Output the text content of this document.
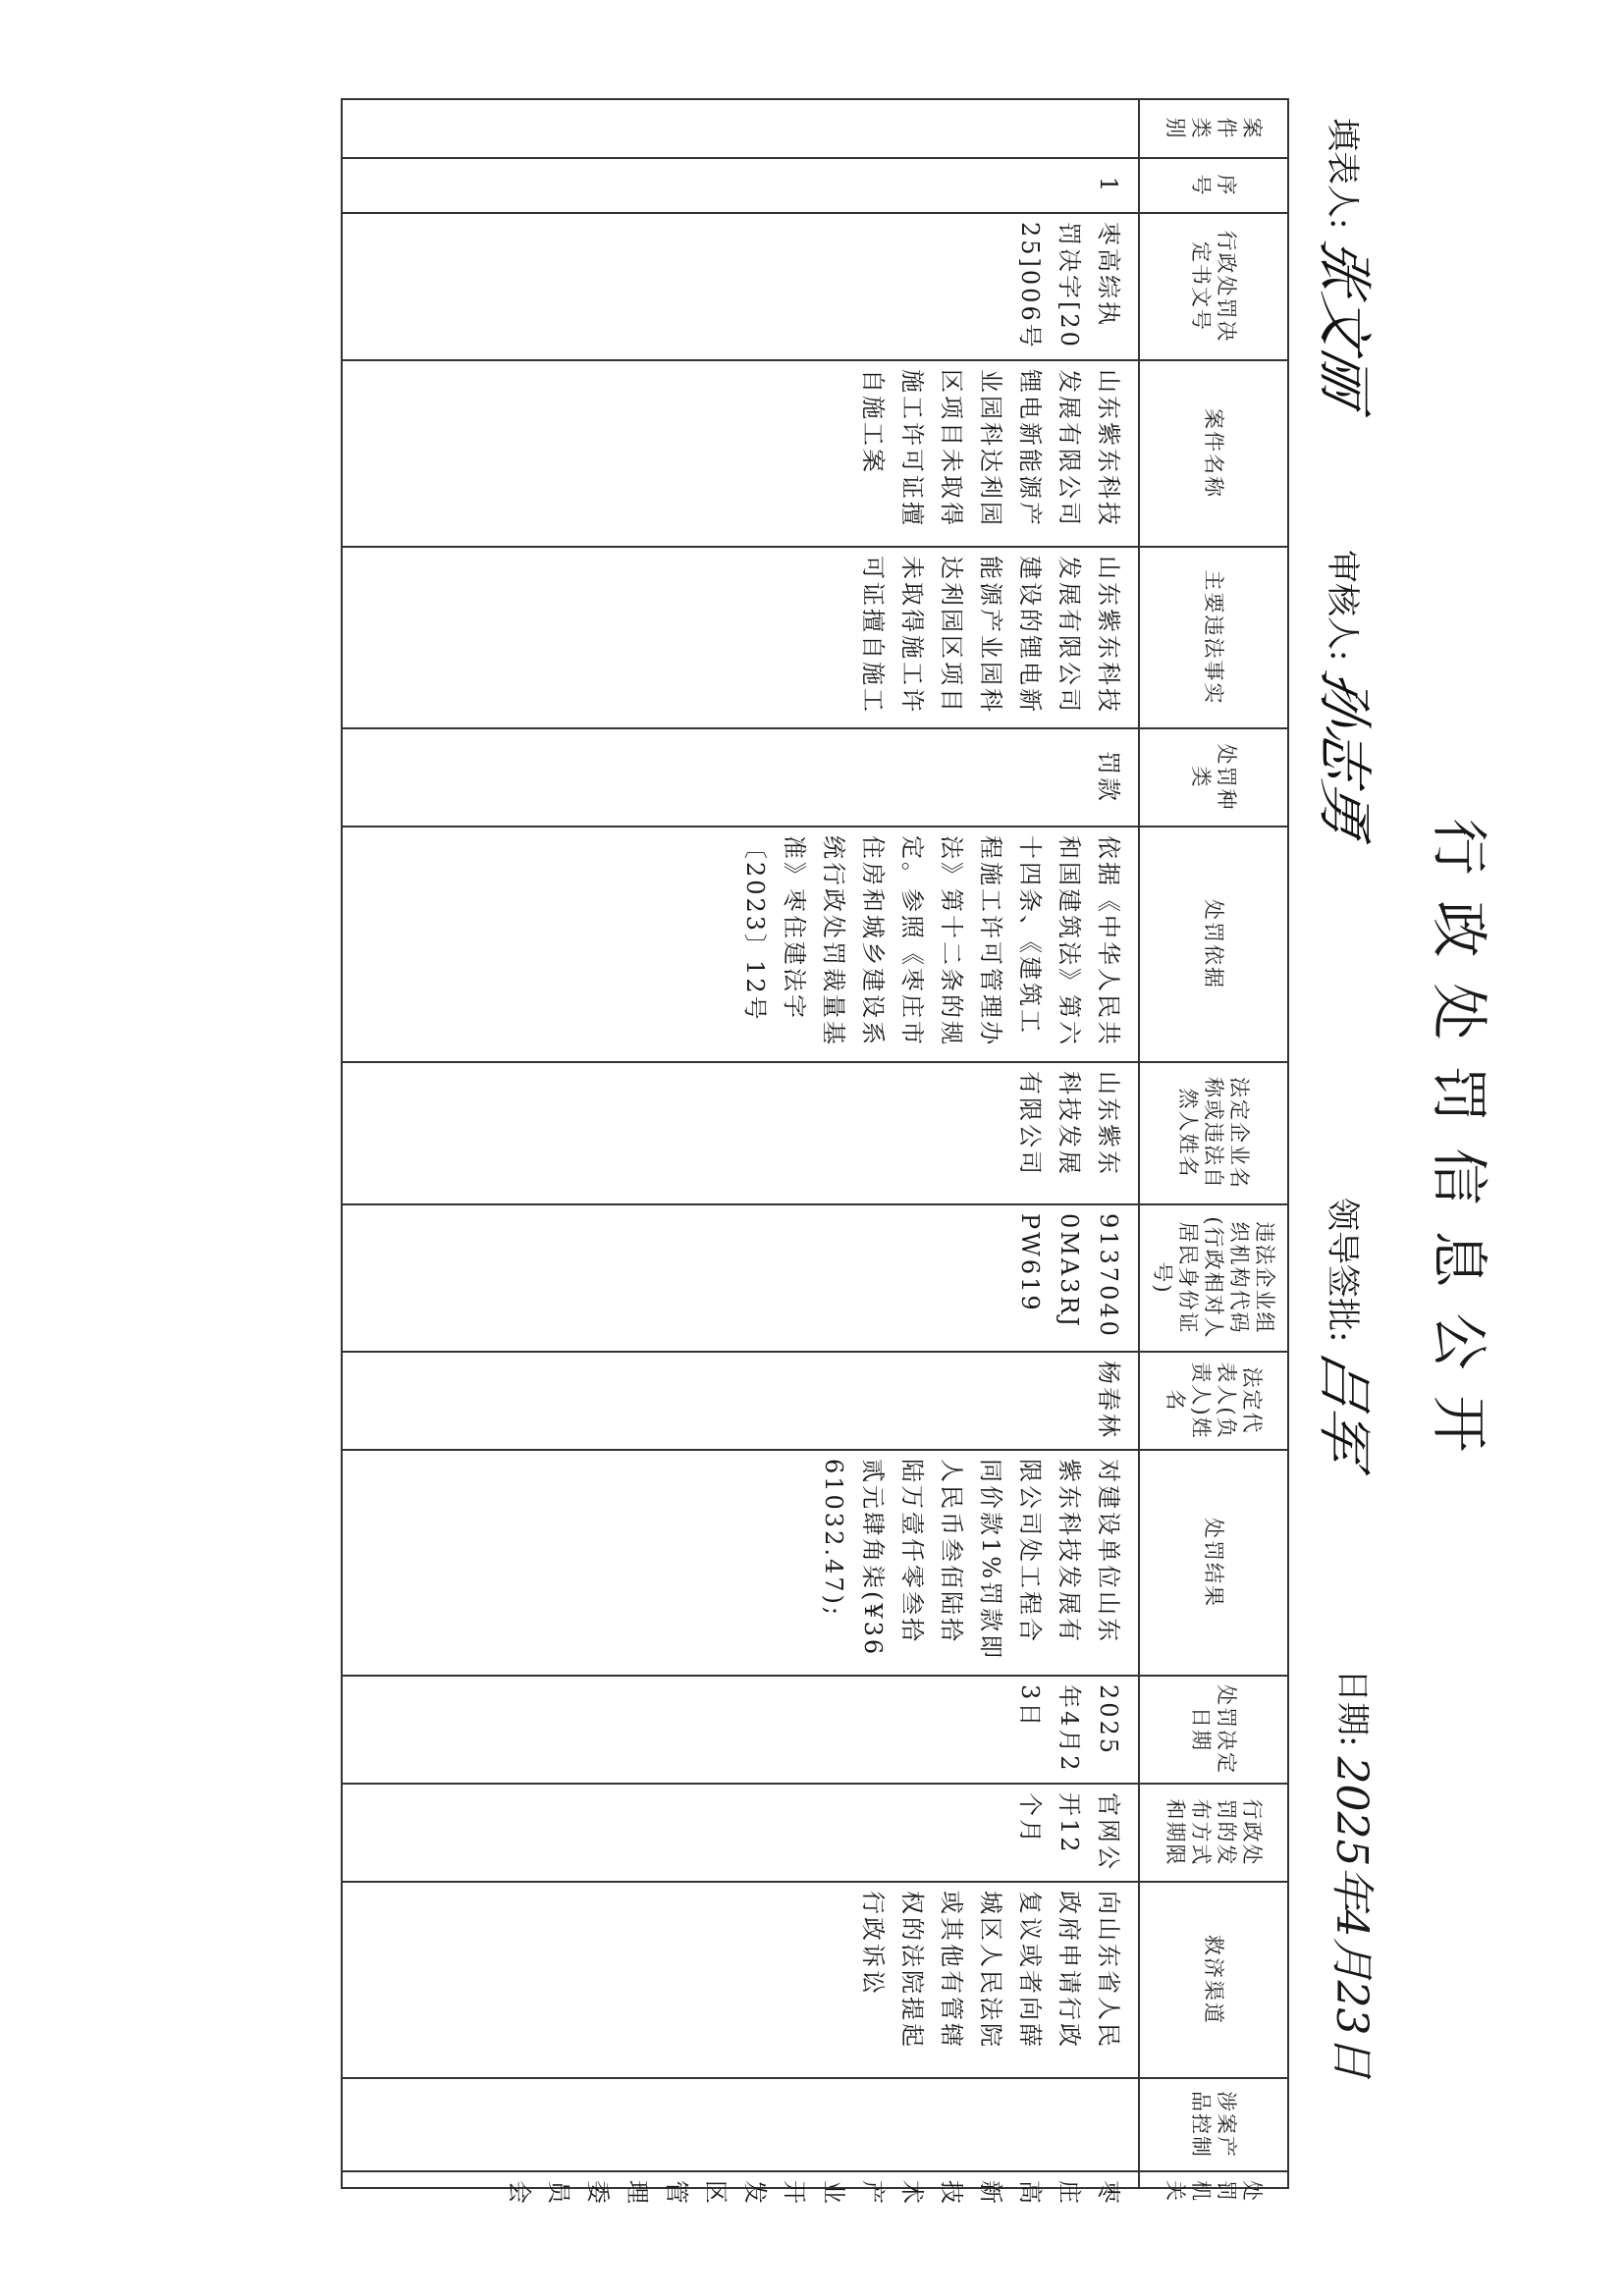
行政处罚信息公开
填表人:张文丽
审核人:孙志勇
领导签批:吕军
日期:2025年4月23日
案件类别	序号	行政处罚决定书文号	案件名称	主要违法事实	处罚种类	处罚依据	法定企业名称或违法自然人姓名	违法企业组织机构代码(行政相对人居民身份证号)	法定代表人(负责人)姓名	处罚结果	处罚决定日期	行政处罚的发布方式和期限	救济渠道	涉案产品控制	处罚机关
	1	枣高综执罚决字[2025]006号	山东紫东科技发展有限公司锂电新能源产业园科达利园区项目未取得施工许可证擅自施工案	山东紫东科技发展有限公司建设的锂电新能源产业园科达利园区项目未取得施工许可证擅自施工	罚款	依据《中华人民共和国建筑法》第六十四条、《建筑工程施工许可管理办法》第十二条的规定。参照《枣庄市住房和城乡建设系统行政处罚裁量基准》枣住建法字〔2023〕12号	山东紫东科技发展有限公司	91370400MA3RJPW619	杨春林	对建设单位山东紫东科技发展有限公司处工程合同价款1%罚款即人民币叁佰陆拾陆万壹仟零叁拾贰元肆角柒(¥3661032.47);	2025年4月23日	官网公开12个月	向山东省人民政府申请行政复议或者向薛城区人民法院或其他有管辖权的法院提起行政诉讼		枣庄高新技术产业开发区管理委员会
